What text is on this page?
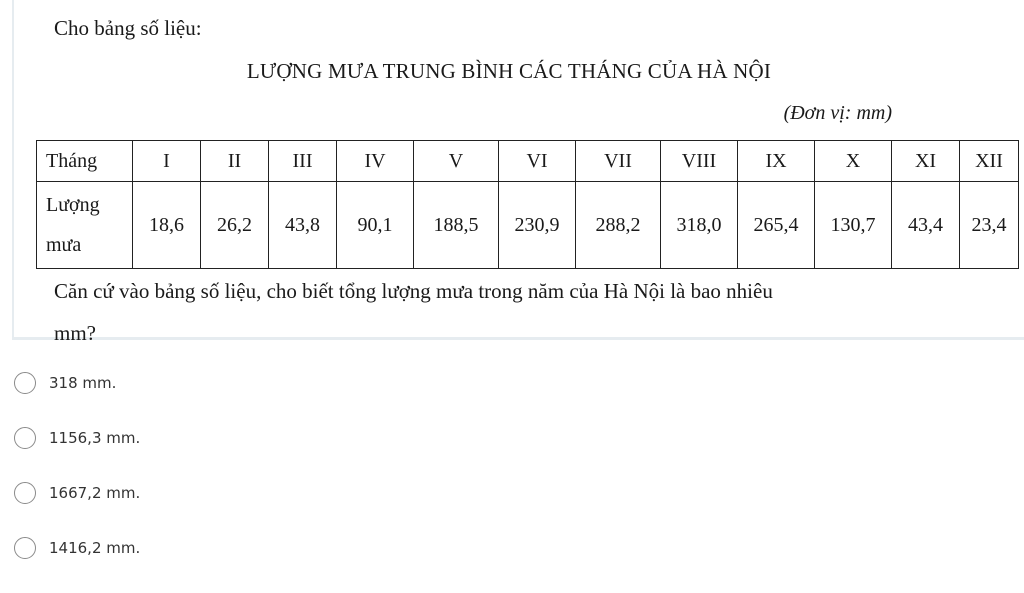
Cho bảng số liệu:
LƯỢNG MƯA TRUNG BÌNH CÁC THÁNG CỦA HÀ NỘI
(Đơn vị: mm)
Tháng	I	II	III	IV	V	VI	VII	VIII	IX	X	XI	XII
Lượng
mưa	18,6	26,2	43,8	90,1	188,5	230,9	288,2	318,0	265,4	130,7	43,4	23,4
Căn cứ vào bảng số liệu, cho biết tổng lượng mưa trong năm của Hà Nội là bao nhiêu
mm?
318 mm.
1156,3 mm.
1667,2 mm.
1416,2 mm.
